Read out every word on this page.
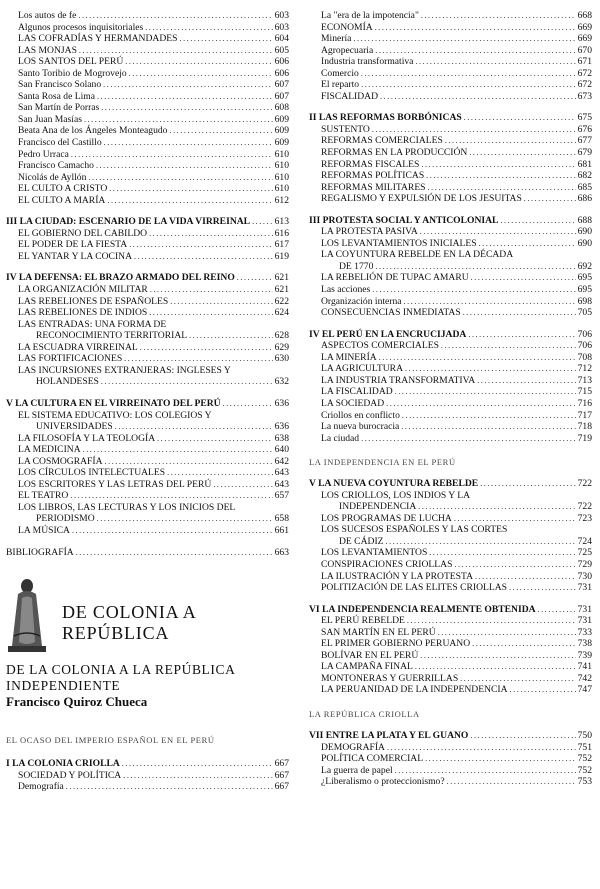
Los autos de fe .....	603
Algunos procesos inquisitoriales .....	603
LAS COFRADÍAS Y HERMANDADES .....	604
LAS MONJAS .....	605
LOS SANTOS DEL PERÚ .....	606
Santo Toribio de Mogrovejo .....	606
San Francisco Solano .....	607
Santa Rosa de Lima .....	607
San Martín de Porras .....	608
San Juan Masías .....	609
Beata Ana de los Ángeles Monteagudo .....	609
Francisco del Castillo .....	609
Pedro Urraca .....	610
Francisco Camacho .....	610
Nicolás de Ayllón .....	610
EL CULTO A CRISTO .....	610
EL CULTO A MARÍA .....	612
III LA CIUDAD: ESCENARIO DE LA VIDA VIRREINAL .....	613
EL GOBIERNO DEL CABILDO .....	616
EL PODER DE LA FIESTA .....	617
EL YANTAR Y LA COCINA .....	619
IV LA DEFENSA: EL BRAZO ARMADO DEL REINO .....	621
LA ORGANIZACIÓN MILITAR .....	621
LAS REBELIONES DE ESPAÑOLES .....	622
LAS REBELIONES DE INDIOS .....	624
LAS ENTRADAS: UNA FORMA DE
RECONOCIMIENTO TERRITORIAL .....	628
LA ESCUADRA VIRREINAL .....	629
LAS FORTIFICACIONES .....	630
LAS INCURSIONES EXTRANJERAS: INGLESES Y
HOLANDESES .....	632
V LA CULTURA EN EL VIRREINATO DEL PERÚ .....	636
EL SISTEMA EDUCATIVO: LOS COLEGIOS Y
UNIVERSIDADES .....	636
LA FILOSOFÍA Y LA TEOLOGÍA .....	638
LA MEDICINA .....	640
LA COSMOGRAFÍA .....	642
LOS CÍRCULOS INTELECTUALES .....	643
LOS ESCRITORES Y LAS LETRAS DEL PERÚ .....	643
EL TEATRO .....	657
LOS LIBROS, LAS LECTURAS Y LOS INICIOS DEL
PERIODISMO .....	658
LA MÚSICA .....	661
BIBLIOGRAFÍA .....	663
DE COLONIA A REPÚBLICA
DE LA COLONIA A LA REPÚBLICA
INDEPENDIENTE
Francisco Quiroz Chueca
EL OCASO DEL IMPERIO ESPAÑOL EN EL PERÚ
I LA COLONIA CRIOLLA .....	667
SOCIEDAD Y POLÍTICA .....	667
Demografía .....	667
La "era de la impotencia" .....	668
ECONOMÍA .....	669
Minería .....	669
Agropecuaria .....	670
Industria transformativa .....	671
Comercio .....	672
El reparto .....	672
FISCALIDAD .....	673
II LAS REFORMAS BORBÓNICAS .....	675
SUSTENTO .....	676
REFORMAS COMERCIALES .....	677
REFORMAS EN LA PRODUCCIÓN .....	679
REFORMAS FISCALES .....	681
REFORMAS POLÍTICAS .....	682
REFORMAS MILITARES .....	685
REGALISMO Y EXPULSIÓN DE LOS JESUITAS .....	686
III PROTESTA SOCIAL Y ANTICOLONIAL .....	688
LA PROTESTA PASIVA .....	690
LOS LEVANTAMIENTOS INICIALES .....	690
LA COYUNTURA REBELDE EN LA DÉCADA
DE 1770 .....	692
LA REBELIÓN DE TUPAC AMARU .....	695
Las acciones .....	695
Organización interna .....	698
CONSECUENCIAS INMEDIATAS .....	705
IV EL PERÚ EN LA ENCRUCIJADA .....	706
ASPECTOS COMERCIALES .....	706
LA MINERÍA .....	708
LA AGRICULTURA .....	712
LA INDUSTRIA TRANSFORMATIVA .....	713
LA FISCALIDAD .....	715
LA SOCIEDAD .....	716
Criollos en conflicto .....	717
La nueva burocracia .....	718
La ciudad .....	719
LA INDEPENDENCIA EN EL PERÚ
V LA NUEVA COYUNTURA REBELDE .....	722
LOS CRIOLLOS, LOS INDIOS Y LA
INDEPENDENCIA .....	722
LOS PROGRAMAS DE LUCHA .....	723
LOS SUCESOS ESPAÑOLES Y LAS CORTES
DE CÁDIZ .....	724
LOS LEVANTAMIENTOS .....	725
CONSPIRACIONES CRIOLLAS .....	729
LA ILUSTRACIÓN Y LA PROTESTA .....	730
POLITIZACIÓN DE LAS ELITES CRIOLLAS .....	731
VI LA INDEPENDENCIA REALMENTE OBTENIDA .....	731
EL PERÚ REBELDE .....	731
SAN MARTÍN EN EL PERÚ .....	733
EL PRIMER GOBIERNO PERUANO .....	738
BOLÍVAR EN EL PERÚ .....	739
LA CAMPAÑA FINAL .....	741
MONTONERAS Y GUERRILLAS .....	742
LA PERUANIDAD DE LA INDEPENDENCIA .....	747
LA REPÚBLICA CRIOLLA
VII ENTRE LA PLATA Y EL GUANO .....	750
DEMOGRAFÍA .....	751
POLÍTICA COMERCIAL .....	752
La guerra de papel .....	752
¿Liberalismo o proteccionismo? .....	753
